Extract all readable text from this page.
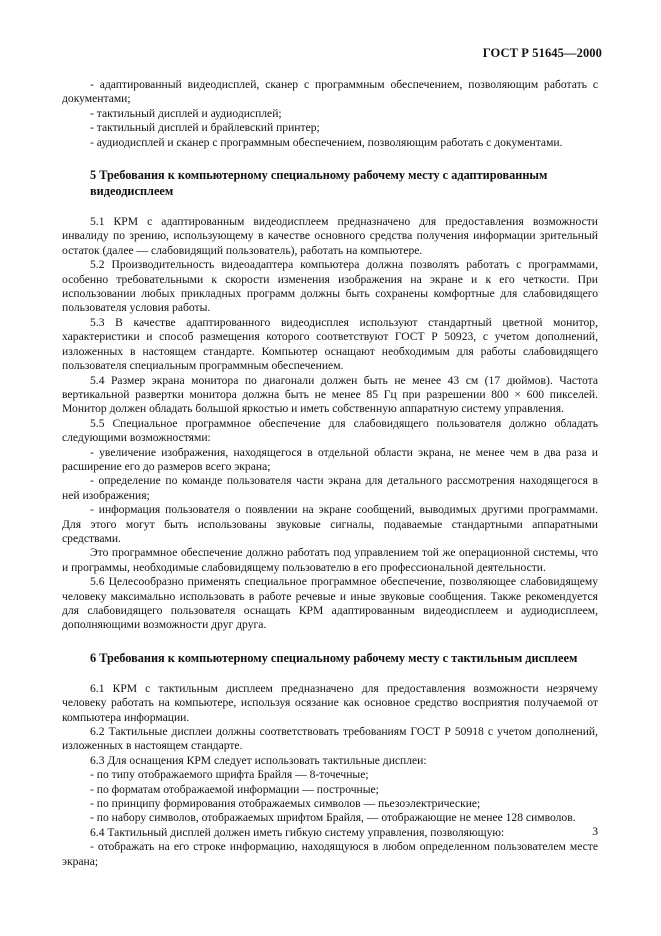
ГОСТ Р 51645—2000

- адаптированный видеодисплей, сканер с программным обеспечением, позволяющим работать с документами;

- тактильный дисплей и аудиодисплей;

- тактильный дисплей и брайлевский принтер;

- аудиодисплей и сканер с программным обеспечением, позволяющим работать с документами.

5 Требования к компьютерному специальному рабочему месту с адаптированным видеодисплеем

5.1 КРМ с адаптированным видеодисплеем предназначено для предоставления возможности инвалиду по зрению, использующему в качестве основного средства получения информации зрительный остаток (далее — слабовидящий пользователь), работать на компьютере.

5.2 Производительность видеоадаптера компьютера должна позволять работать с программами, особенно требовательными к скорости изменения изображения на экране и к его четкости. При использовании любых прикладных программ должны быть сохранены комфортные для слабовидящего пользователя условия работы.

5.3 В качестве адаптированного видеодисплея используют стандартный цветной монитор, характеристики и способ размещения которого соответствуют ГОСТ Р 50923, с учетом дополнений, изложенных в настоящем стандарте. Компьютер оснащают необходимым для работы слабовидящего пользователя специальным программным обеспечением.

5.4 Размер экрана монитора по диагонали должен быть не менее 43 см (17 дюймов). Частота вертикальной развертки монитора должна быть не менее 85 Гц при разрешении 800 × 600 пикселей. Монитор должен обладать большой яркостью и иметь собственную аппаратную систему управления.

5.5 Специальное программное обеспечение для слабовидящего пользователя должно обладать следующими возможностями:

- увеличение изображения, находящегося в отдельной области экрана, не менее чем в два раза и расширение его до размеров всего экрана;

- определение по команде пользователя части экрана для детального рассмотрения находящегося в ней изображения;

- информация пользователя о появлении на экране сообщений, выводимых другими программами. Для этого могут быть использованы звуковые сигналы, подаваемые стандартными аппаратными средствами.

Это программное обеспечение должно работать под управлением той же операционной системы, что и программы, необходимые слабовидящему пользователю в его профессиональной деятельности.

5.6 Целесообразно применять специальное программное обеспечение, позволяющее слабовидящему человеку максимально использовать в работе речевые и иные звуковые сообщения. Также рекомендуется для слабовидящего пользователя оснащать КРМ адаптированным видеодисплеем и аудиодисплеем, дополняющими возможности друг друга.

6 Требования к компьютерному специальному рабочему месту с тактильным дисплеем

6.1 КРМ с тактильным дисплеем предназначено для предоставления возможности незрячему человеку работать на компьютере, используя осязание как основное средство восприятия получаемой от компьютера информации.

6.2 Тактильные дисплеи должны соответствовать требованиям ГОСТ Р 50918 с учетом дополнений, изложенных в настоящем стандарте.

6.3 Для оснащения КРМ следует использовать тактильные дисплеи:

- по типу отображаемого шрифта Брайля — 8-точечные;

- по форматам отображаемой информации — построчные;

- по принципу формирования отображаемых символов — пьезоэлектрические;

- по набору символов, отображаемых шрифтом Брайля, — отображающие не менее 128 символов.

6.4 Тактильный дисплей должен иметь гибкую систему управления, позволяющую:

- отображать на его строке информацию, находящуюся в любом определенном пользователем месте экрана;

3
